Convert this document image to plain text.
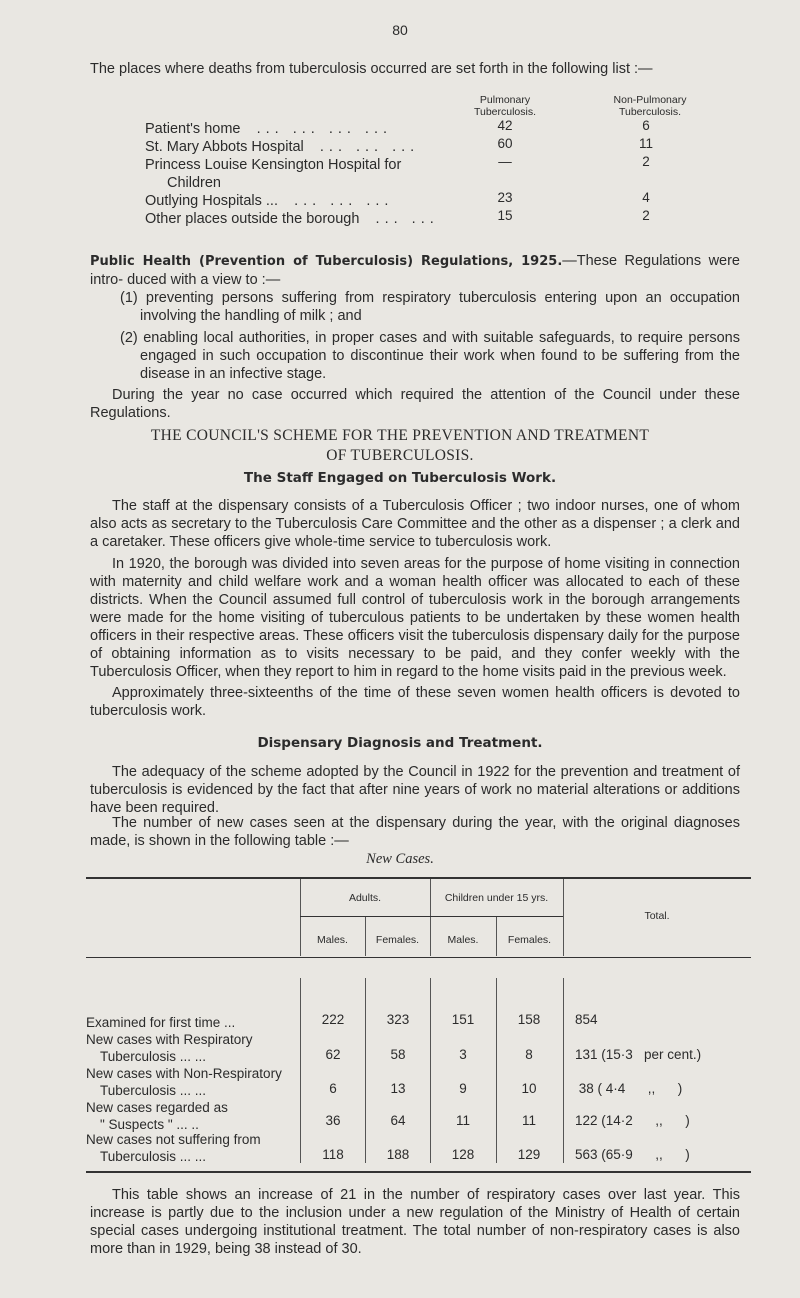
80
The places where deaths from tuberculosis occurred are set forth in the following list :—
Pulmonary
Tuberculosis.
Non-Pulmonary
Tuberculosis.
Patient's home ... ... ... ...	42	6
St. Mary Abbots Hospital ... ... ...	60	11
Princess Louise Kensington Hospital for
Children
—	2
Outlying Hospitals ... ... ... ...	23	4
Other places outside the borough ... ...	15	2
Public Health (Prevention of Tuberculosis) Regulations, 1925.—These Regulations were intro- duced with a view to :—
(1) preventing persons suffering from respiratory tuberculosis entering upon an occupation involving the handling of milk ; and
(2) enabling local authorities, in proper cases and with suitable safeguards, to require persons engaged in such occupation to discontinue their work when found to be suffering from the disease in an infective stage.
During the year no case occurred which required the attention of the Council under these Regulations.
THE COUNCIL'S SCHEME FOR THE PREVENTION AND TREATMENT
OF TUBERCULOSIS.
The Staff Engaged on Tuberculosis Work.
The staff at the dispensary consists of a Tuberculosis Officer ; two indoor nurses, one of whom also acts as secretary to the Tuberculosis Care Committee and the other as a dispenser ; a clerk and a caretaker. These officers give whole-time service to tuberculosis work.
In 1920, the borough was divided into seven areas for the purpose of home visiting in connection with maternity and child welfare work and a woman health officer was allocated to each of these districts. When the Council assumed full control of tuberculosis work in the borough arrangements were made for the home visiting of tuberculous patients to be undertaken by these women health officers in their respective areas. These officers visit the tuberculosis dispensary daily for the purpose of obtaining information as to visits necessary to be paid, and they confer weekly with the Tuberculosis Officer, when they report to him in regard to the home visits paid in the previous week.
Approximately three-sixteenths of the time of these seven women health officers is devoted to tuberculosis work.
Dispensary Diagnosis and Treatment.
The adequacy of the scheme adopted by the Council in 1922 for the prevention and treatment of tuberculosis is evidenced by the fact that after nine years of work no material alterations or additions have been required.
The number of new cases seen at the dispensary during the year, with the original diagnoses made, is shown in the following table :—
New Cases.
Adults.	Children under 15 yrs.
Total.
Males.	Females.	Males.	Females.
Examined for first time ...	222	323	151	158	854
New cases with Respiratory
Tuberculosis ... ...	62	58	3	8	131 (15·3   per cent.)
New cases with Non-Respiratory
Tuberculosis ... ...	6	13	9	10	38 ( 4·4      ,,      )
New cases regarded as
" Suspects " ... ..	36	64	11	11	122 (14·2      ,,      )
New cases not suffering from
Tuberculosis ... ...	118	188	128	129	563 (65·9      ,,      )
This table shows an increase of 21 in the number of respiratory cases over last year. This increase is partly due to the inclusion under a new regulation of the Ministry of Health of certain special cases undergoing institutional treatment. The total number of non-respiratory cases is also more than in 1929, being 38 instead of 30.
